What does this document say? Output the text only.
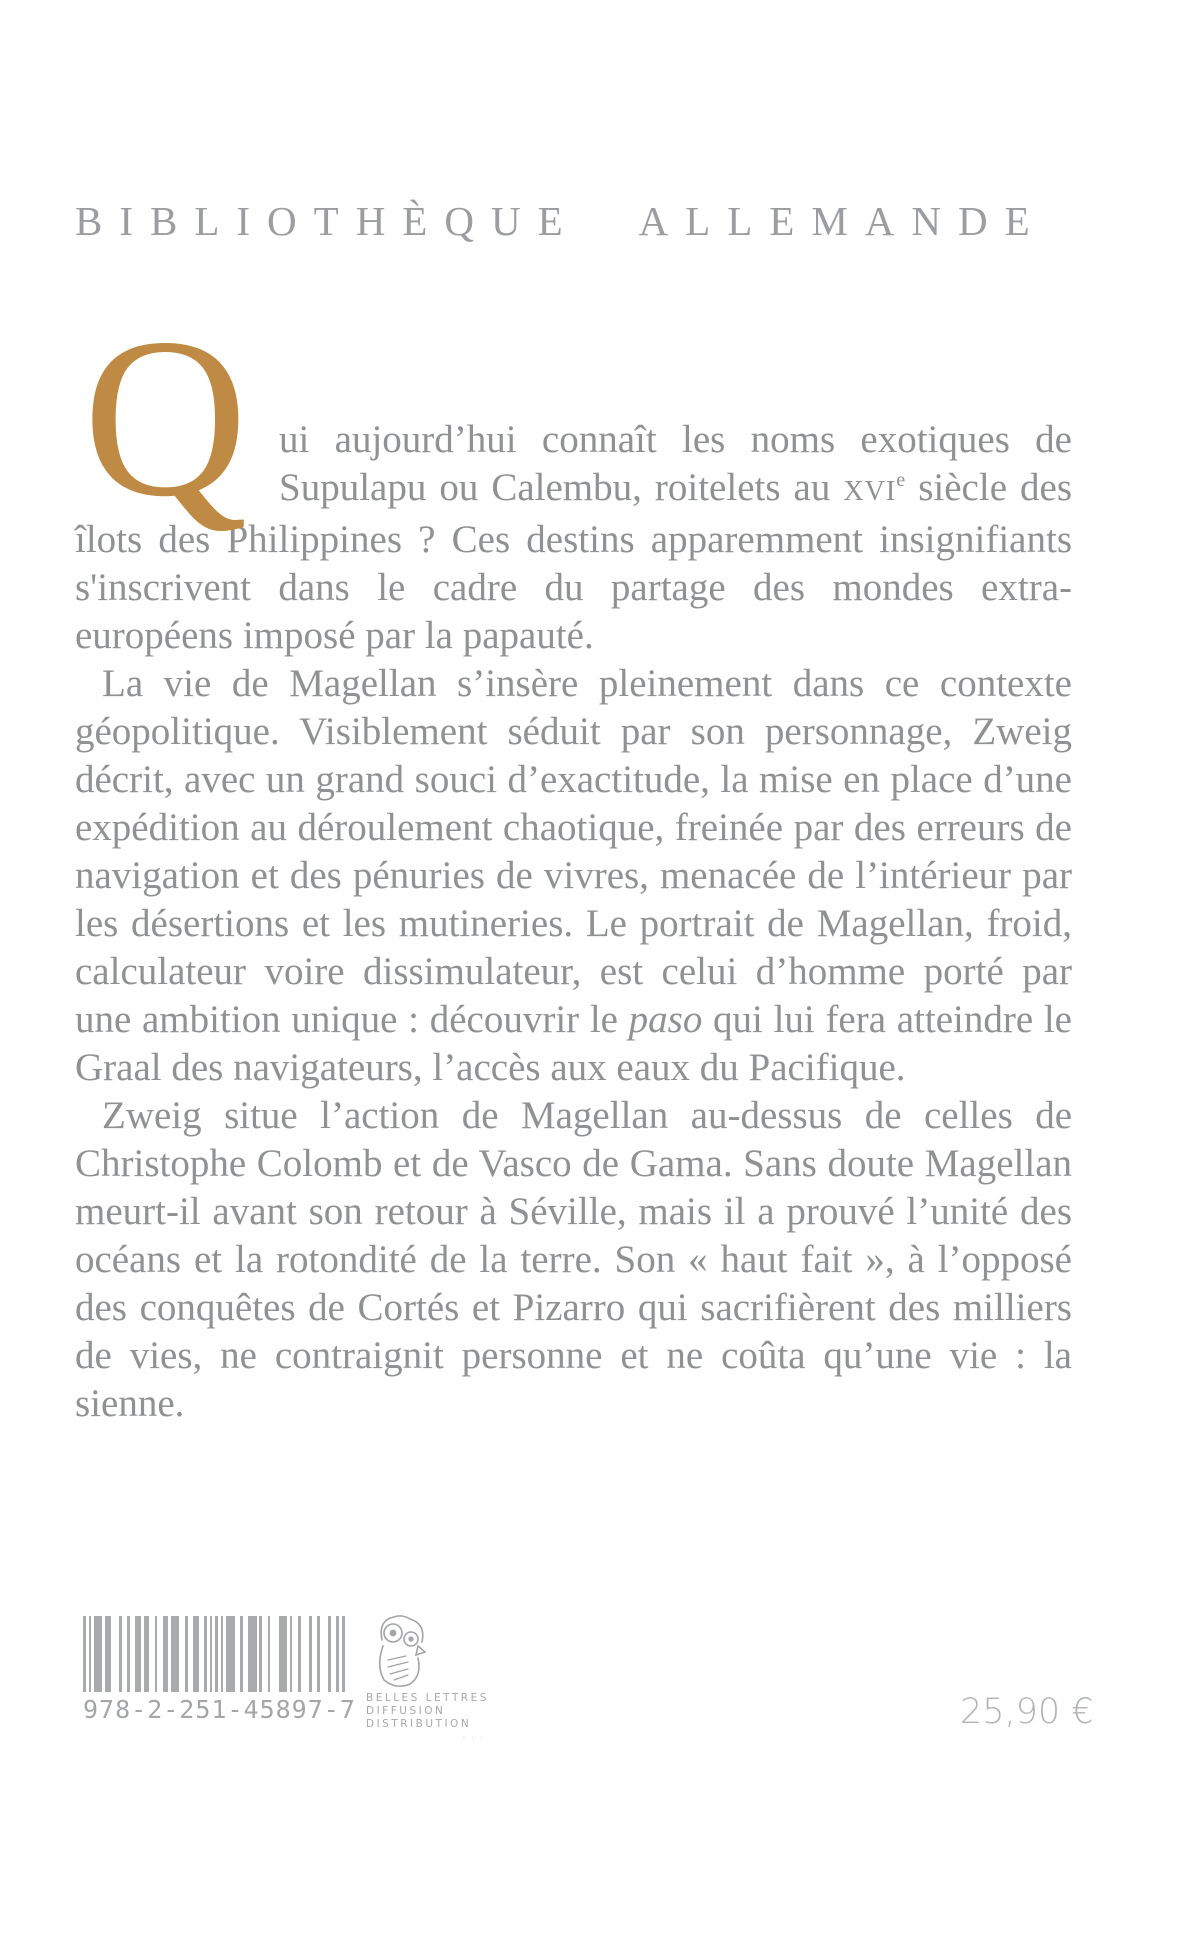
BIBLIOTHÈQUE ALLEMANDE

Q ui aujourd’hui connaît les noms exotiques de Supulapu ou Calembu, roitelets au XVIe siècle des îlots des Philippines ? Ces destins apparemment insignifiants s'inscrivent dans le cadre du partage des mondes extra-européens imposé par la papauté.

La vie de Magellan s’insère pleinement dans ce contexte géopolitique. Visiblement séduit par son personnage, Zweig décrit, avec un grand souci d’exactitude, la mise en place d’une expédition au déroulement chaotique, freinée par des erreurs de navigation et des pénuries de vivres, menacée de l’intérieur par les désertions et les mutineries. Le portrait de Magellan, froid, calculateur voire dissimulateur, est celui d’homme porté par une ambition unique : découvrir le paso qui lui fera atteindre le Graal des navigateurs, l’accès aux eaux du Pacifique.

Zweig situe l’action de Magellan au-dessus de celles de Christophe Colomb et de Vasco de Gama. Sans doute Magellan meurt-il avant son retour à Séville, mais il a prouvé l’unité des océans et la rotondité de la terre. Son « haut fait », à l’opposé des conquêtes de Cortés et Pizarro qui sacrifièrent des milliers de vies, ne contraignit personne et ne coûta qu’une vie : la sienne.

978-2-251-45897-7 BELLES LETTRES
DIFFUSION
DISTRIBUTION
· · ·
25,90 €
